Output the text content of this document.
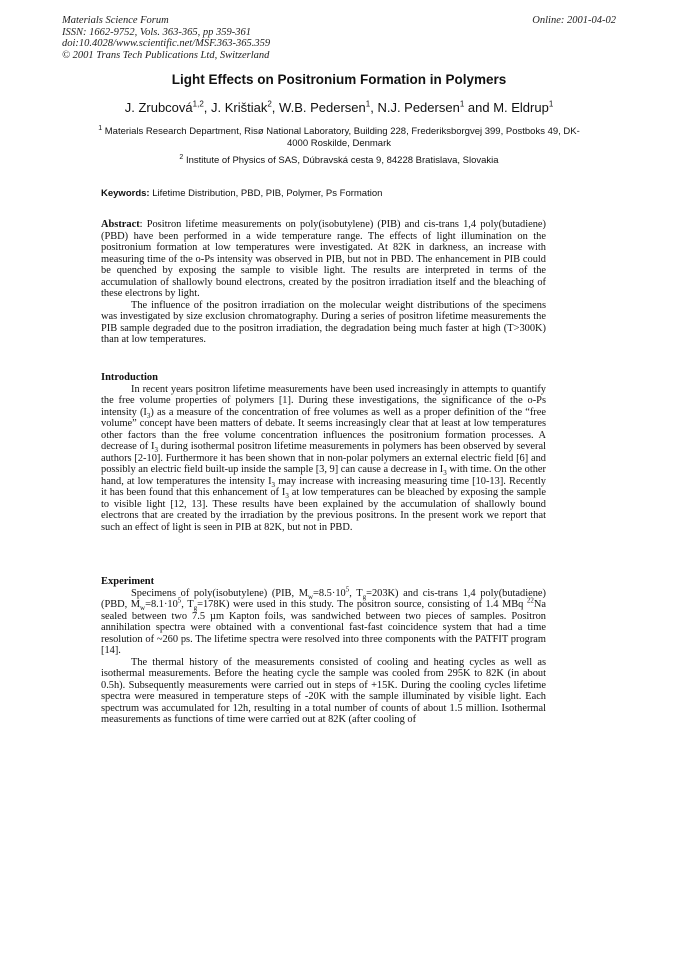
Materials Science Forum
ISSN: 1662-9752, Vols. 363-365, pp 359-361
doi:10.4028/www.scientific.net/MSF.363-365.359
© 2001 Trans Tech Publications Ltd, Switzerland
Online: 2001-04-02
Light Effects on Positronium Formation in Polymers
J. Zrubcová$^{1,2}$, J. Krištiak$^2$, W.B. Pedersen$^1$, N.J. Pedersen$^1$ and M. Eldrup$^1$
$^1$ Materials Research Department, Risø National Laboratory, Building 228, Frederiksborgvej 399, Postboks 49, DK-4000 Roskilde, Denmark
$^2$ Institute of Physics of SAS, Dúbravská cesta 9, 84228 Bratislava, Slovakia
Keywords: Lifetime Distribution, PBD, PIB, Polymer, Ps Formation

Abstract: Positron lifetime measurements on poly(isobutylene) (PIB) and cis-trans 1,4 poly(butadiene) (PBD) have been performed in a wide temperature range. The effects of light illumination on the positronium formation at low temperatures were investigated. At 82K in darkness, an increase with measuring time of the o-Ps intensity was observed in PIB, but not in PBD. The enhancement in PIB could be quenched by exposing the sample to visible light. The results are interpreted in terms of the accumulation of shallowly bound electrons, created by the positron irradiation itself and the bleaching of these electrons by light.

The influence of the positron irradiation on the molecular weight distributions of the specimens was investigated by size exclusion chromatography. During a series of positron lifetime measurements the PIB sample degraded due to the positron irradiation, the degradation being much faster at high (T>300K) than at low temperatures.

Introduction

In recent years positron lifetime measurements have been used increasingly in attempts to quantify the free volume properties of polymers [1]. During these investigations, the significance of the o-Ps intensity $(I_3)$ as a measure of the concentration of free volumes as well as a proper definition of the “free volume” concept have been matters of debate. It seems increasingly clear that at least at low temperatures other factors than the free volume concentration influences the positronium formation processes. A decrease of $I_3$ during isothermal positron lifetime measurements in polymers has been observed by several authors [2-10]. Furthermore it has been shown that in non-polar polymers an external electric field [6] and possibly an electric field built-up inside the sample [3, 9] can cause a decrease in $I_3$ with time. On the other hand, at low temperatures the intensity $I_3$ may increase with increasing measuring time [10-13]. Recently it has been found that this enhancement of $I_3$ at low temperatures can be bleached by exposing the sample to visible light [12, 13]. These results have been explained by the accumulation of shallowly bound electrons that are created by the irradiation by the previous positrons. In the present work we report that such an effect of light is seen in PIB at 82K, but not in PBD.

Experiment

Specimens of poly(isobutylene) (PIB, $M_w=8.5\cdot 10^5$, $T_g=203K$) and cis-trans 1,4 poly(butadiene) (PBD, $M_w=8.1\cdot 10^5$, $T_g=178K$) were used in this study. The positron source, consisting of 1.4 MBq $^{22}$Na sealed between two 7.5 µm Kapton foils, was sandwiched between two pieces of samples. Positron annihilation spectra were obtained with a conventional fast-fast coincidence system that had a time resolution of ~260 ps. The lifetime spectra were resolved into three components with the PATFIT program [14].

The thermal history of the measurements consisted of cooling and heating cycles as well as isothermal measurements. Before the heating cycle the sample was cooled from 295K to 82K (in about 0.5h). Subsequently measurements were carried out in steps of +15K. During the cooling cycles lifetime spectra were measured in temperature steps of -20K with the sample illuminated by visible light. Each spectrum was accumulated for 12h, resulting in a total number of counts of about 1.5 million. Isothermal measurements as functions of time were carried out at 82K (after cooling of
